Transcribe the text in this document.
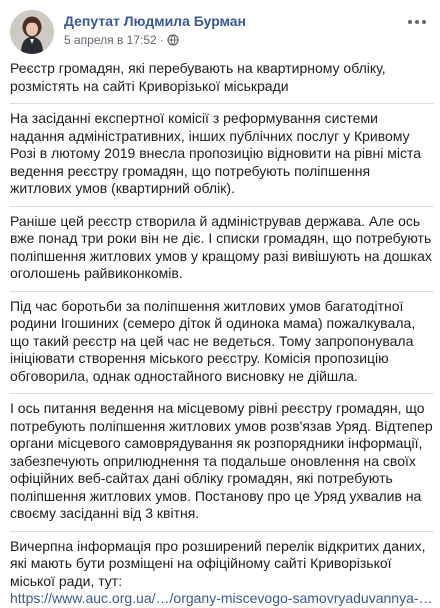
Депутат Людмила Бурман
5 апреля в 17:52 ·

Реєстр громадян, які перебувають на квартирному обліку, розмістять на сайті Криворізької міськради

На засіданні експертної комісії з реформування системи надання адміністративних, інших публічних послуг у Кривому Розі в лютому 2019 внесла пропозицію відновити на рівні міста ведення реєстру громадян, що потребують поліпшення житлових умов (квартирний облік).

Раніше цей реєстр створила й адміністрував держава. Але ось вже понад три роки він не діє. І списки громадян, що потребують поліпшення житлових умов у кращому разі вивішують на дошках оголошень райвиконкомів.

Під час боротьби за поліпшення житлових умов багатодітної родини Ігошиних (семеро діток й одинока мама) пожалкувала, що такий реєстр на цей час не ведеться. Тому запропонувала ініціювати створення міського реєстру. Комісія пропозицію обговорила, однак одностайного висновку не дійшла.

І ось питання ведення на місцевому рівні реєстру громадян, що потребують поліпшення житлових умов розв'язав Уряд. Відтепер органи місцевого самоврядування як розпорядники інформації, забезпечують оприлюднення та подальше оновлення на своїх офіційних веб-сайтах дані обліку громадян, які потребують поліпшення житлових умов. Постанову про це Уряд ухвалив на своєму засіданні від 3 квітня.

Вичерпна інформація про розширений перелік відкритих даних, які мають бути розміщені на офіційному сайті Криворізької міської ради, тут:

https://www.auc.org.ua/…/organy-miscevogo-samovryaduvannya-…
